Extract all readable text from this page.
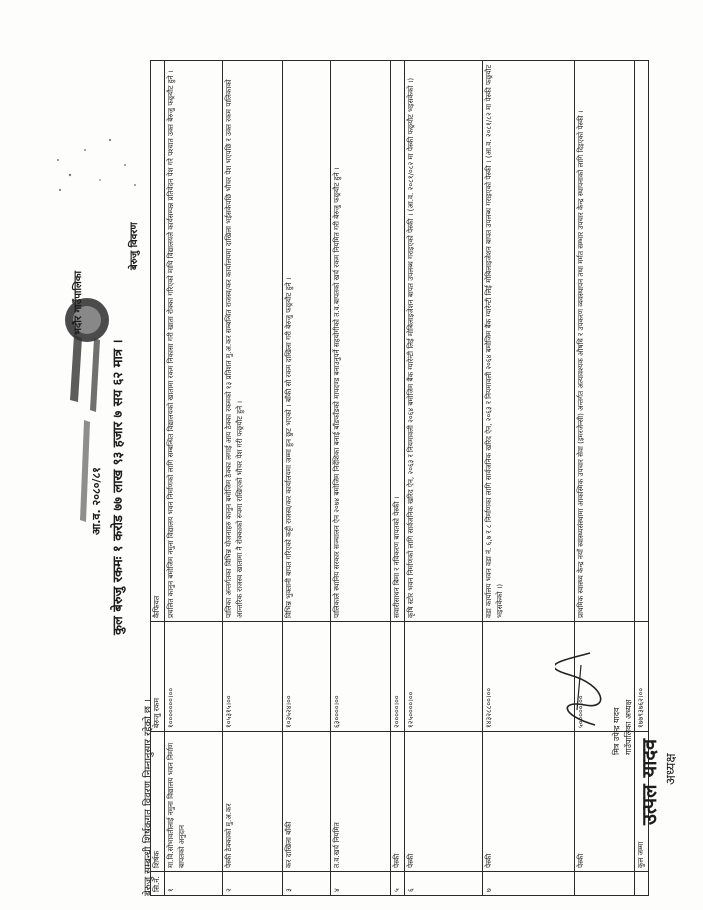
भदौर गाउँपालिका
आ.व. २०८०/८१ कुल बेरुजु रकमः १ करोड ७७ लाख ९३ हजार ७ सय ६२ मात्र ।
बेरुजु सम्बन्धी शिर्षकगत विवरण निम्नानुसार रहेको छ ।
बेरुजु विवरण
सि.नं.	शिर्षक	बेरुजु रकम	कैफियत
१	मा.वि.सोभावतीलाई नमुना विद्यालय भवन निर्माण बापतको अनुदान	१०००००००।००	प्रचलित कानुन बमोजिम नमुना विद्यालय भवन निर्माणको लागि सम्बन्धित विद्यालयको खातामा रकम निकासा गरी खाता रोक्का गरिएको माथि विद्यालयले कार्यसम्पन्न प्रतिवेदन पेश गरे पश्चात उक्त बेरुजु फछ्र्यौट हुने ।
२	पेस्की ठेक्काको मु.अ.कर	१०५३१५।००	पालिका अन्तर्गतका विभिन्न योजनाहरु कानुन बमोजिम ठेक्का लगाई आय ठेक्का रकमको १३ प्रतिशत मु.अ.कर सम्बन्धित राजस्व/कर कार्यालयमा दाखिला भईसकेपछि भौचर पेश भएपछि र उक्त रकम पालिकाको आन्तरिक राजस्व खातामा नै रोक्काको रुपमा राखिएको भौचर पेश गरी फछ्र्यौट हुने ।
३	कर दाखिला बाँकी	१०३५२४।००	विभिन्न भुक्तानी बापत गरिएको कट्टी राजस्व/कर कार्यालयमा जम्मा हुन छुट भएको । बाँकी सो रकम दाखिला गरी बेरुजु फछ्र्यौट हुने ।
४	त.व.खर्च नियमित	६३००००।००	पालिकाले स्थानिय सरकार सञ्चालन ऐन २०७४ बमोजिम निर्देशिका बनाई बाँडफाँडको मापदण्ड बनाउनुपर्ने सहयोगीको त.व.बापतको खर्च रकम नियमित गरी बेरुजु फछ्र्यौट हुने ।
५	पेस्की	२०००००।००	सवारीसाधन बिमा र नविकरण बापतको पेस्की ।
६	पेस्की	१२५००००।००	कृषि स्टोर भवन निर्माणको लागि सार्वजनिक खरिद ऐन, २०६३ र नियमावली २०६४ बमोजिम बैंक ग्यारेन्टी लिई मोबिलाइजेशन बापत उपलब्ध गराइएको पेस्की । (आ.व. २०८१/०८२ मा पेस्की फछ्र्यौट भइसकेको ।)
७	पेस्की	१४३२८८००।००	वडा कार्यालय भवन वडा नं. ६,७ र ८ निर्माणका लागि सार्वजनिक खरिद ऐन, २०६३ र नियमावली २०६४ बमोजिम बैंक ग्यारेन्टी लिई मोबिलाइजेशन बापत उपलब्ध गराइएको पेस्की । (आ.व. २०८१/८२ मा पेस्की फछ्र्यौट भइसकेको ।)
	पेस्की	५०००००।००	प्राथमिक स्वास्थ्य केन्द्र नयाँ स्वास्थ्यसंस्थामा आकस्मिक उपचार सेवा (इमरजेन्सी) अन्तर्गत अत्यावश्यक औषधि र उपकरण व्यवस्थापन तथा मर्मत सम्भार उपचार केन्द्र स्थापनाको लागि दिइएको पेस्की ।
	कुल जम्मा	१७७९३७६२।००	
मित्र उपेन्द्र यादव गाउँपालिका अध्यक्ष
उत्पल यादव अध्यक्ष
